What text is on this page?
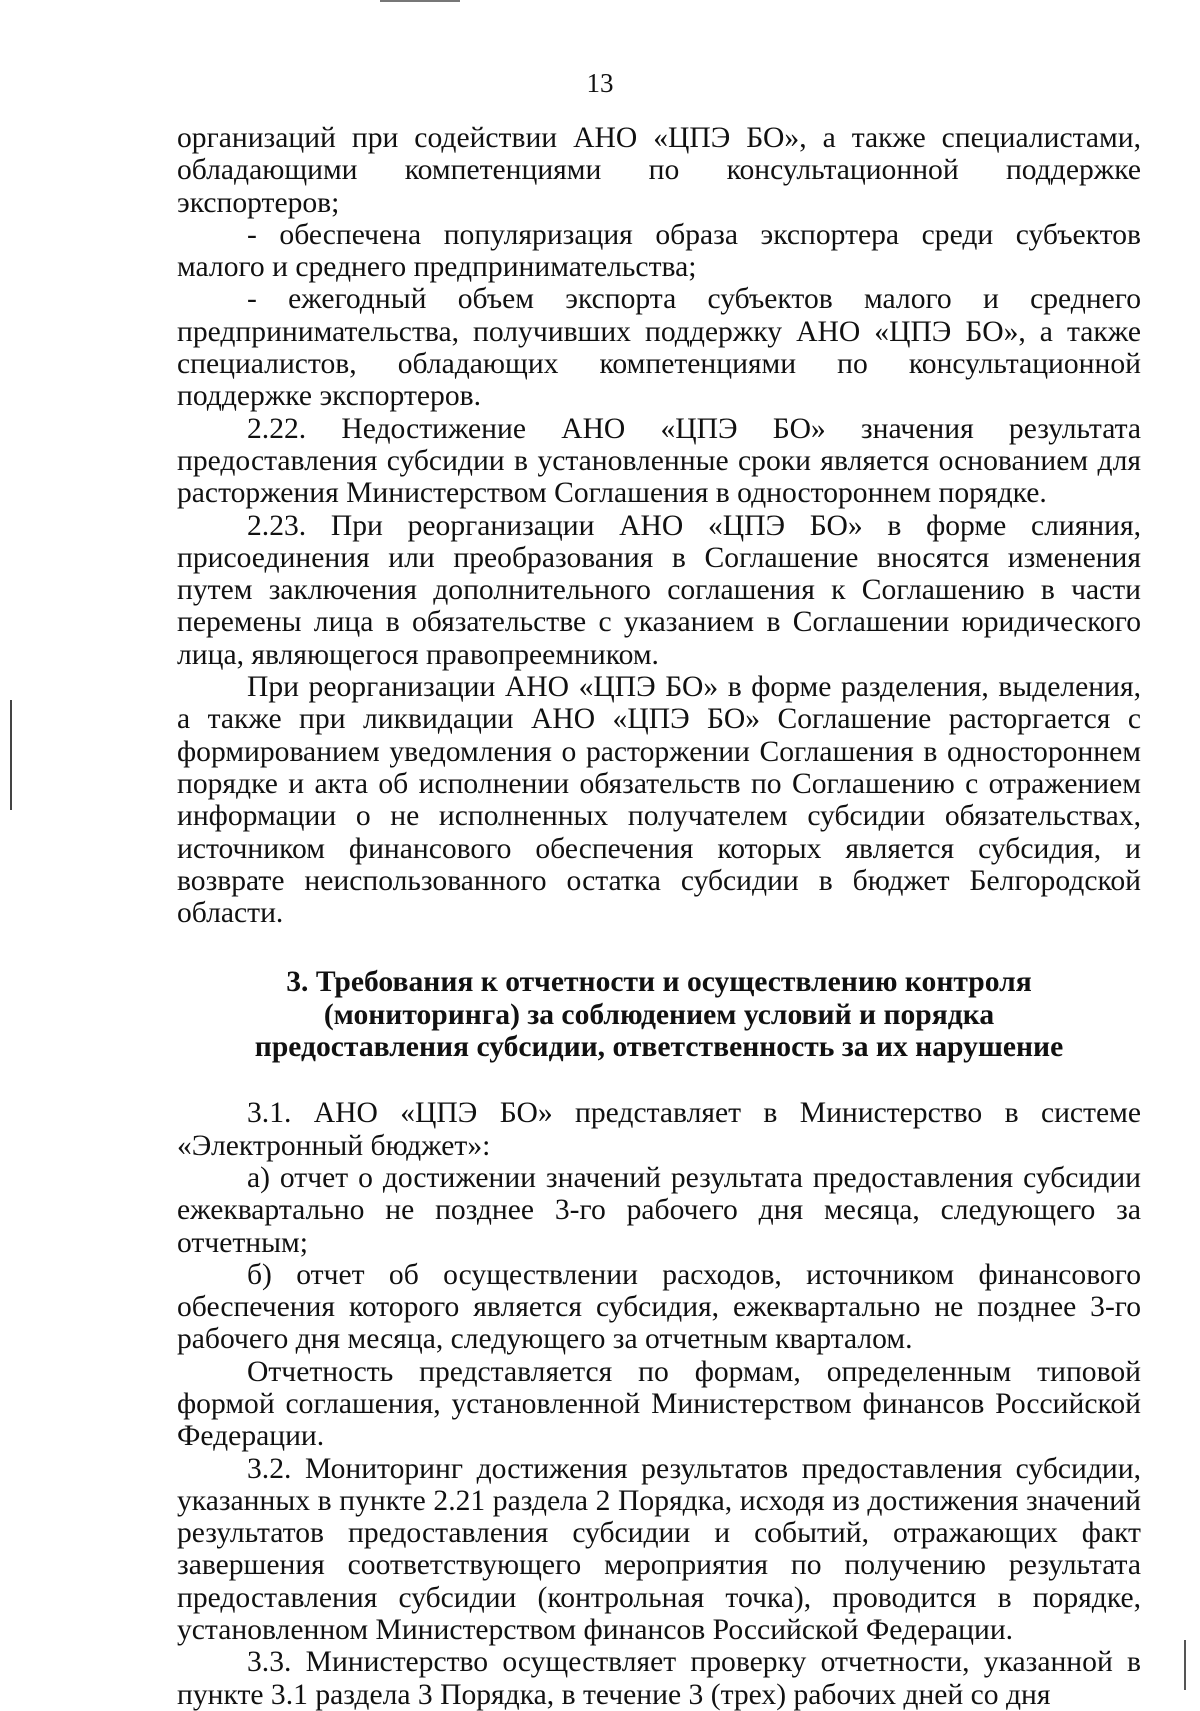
13

организаций при содействии АНО «ЦПЭ БО», а также специалистами, обладающими компетенциями по консультационной поддержке экспортеров;

- обеспечена популяризация образа экспортера среди субъектов малого и среднего предпринимательства;

- ежегодный объем экспорта субъектов малого и среднего предпринимательства, получивших поддержку АНО «ЦПЭ БО», а также специалистов, обладающих компетенциями по консультационной поддержке экспортеров.

2.22. Недостижение АНО «ЦПЭ БО» значения результата предоставления субсидии в установленные сроки является основанием для расторжения Министерством Соглашения в одностороннем порядке.

2.23. При реорганизации АНО «ЦПЭ БО» в форме слияния, присоединения или преобразования в Соглашение вносятся изменения путем заключения дополнительного соглашения к Соглашению в части перемены лица в обязательстве с указанием в Соглашении юридического лица, являющегося правопреемником.

При реорганизации АНО «ЦПЭ БО» в форме разделения, выделения, а также при ликвидации АНО «ЦПЭ БО» Соглашение расторгается с формированием уведомления о расторжении Соглашения в одностороннем порядке и акта об исполнении обязательств по Соглашению с отражением информации о не исполненных получателем субсидии обязательствах, источником финансового обеспечения которых является субсидия, и возврате неиспользованного остатка субсидии в бюджет Белгородской области.

3. Требования к отчетности и осуществлению контроля
(мониторинга) за соблюдением условий и порядка
предоставления субсидии, ответственность за их нарушение

3.1. АНО «ЦПЭ БО» представляет в Министерство в системе «Электронный бюджет»:

а) отчет о достижении значений результата предоставления субсидии ежеквартально не позднее 3-го рабочего дня месяца, следующего за отчетным;

б) отчет об осуществлении расходов, источником финансового обеспечения которого является субсидия, ежеквартально не позднее 3-го рабочего дня месяца, следующего за отчетным кварталом.

Отчетность представляется по формам, определенным типовой формой соглашения, установленной Министерством финансов Российской Федерации.

3.2. Мониторинг достижения результатов предоставления субсидии, указанных в пункте 2.21 раздела 2 Порядка, исходя из достижения значений результатов предоставления субсидии и событий, отражающих факт завершения соответствующего мероприятия по получению результата предоставления субсидии (контрольная точка), проводится в порядке, установленном Министерством финансов Российской Федерации.

3.3. Министерство осуществляет проверку отчетности, указанной в пункте 3.1 раздела 3 Порядка, в течение 3 (трех) рабочих дней со дня
